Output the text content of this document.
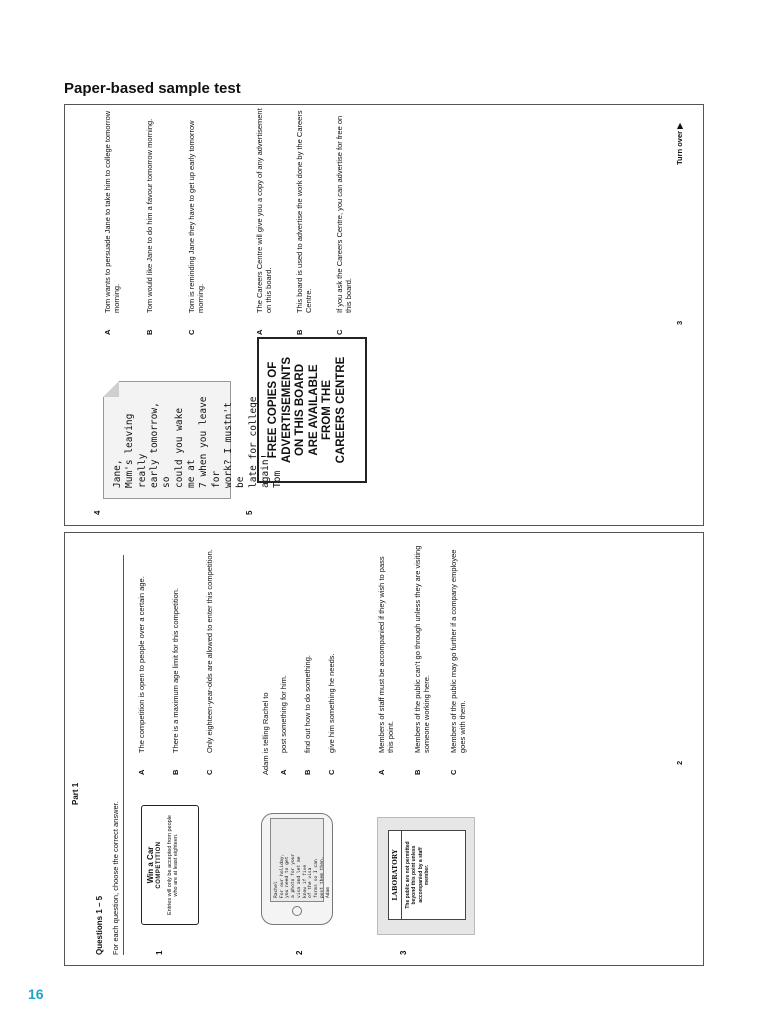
Paper-based sample test
4
Jane,
Mum's leaving really
early tomorrow, so
could you wake me at
7 when you leave for
work? I mustn't be
late for college again!
Tom
A
Tom wants to persuade Jane to take him to college tomorrow morning.
B
Tom would like Jane to do him a favour tomorrow morning.
C
Tom is reminding Jane they have to get up early tomorrow morning.
5
FREE COPIES OF
ADVERTISEMENTS
ON THIS BOARD
ARE AVAILABLE
FROM THE
CAREERS CENTRE
A
The Careers Centre will give you a copy of any advertisement on this board.
B
This board is used to advertise the work done by the Careers Centre.
C
If you ask the Careers Centre, you can advertise for free on this board.
3
Turn over ▶
Part 1
Questions 1 – 5 For each question, choose the correct answer.	1
Win a Car COMPETITION Entries will only be accepted from people who are at least eighteen.
A
The competition is open to people over a certain age.
B
There is a maximum age limit for this competition.
C
Only eighteen-year-olds are allowed to enter this competition.
2
Rachel
For our holiday,
you need to get
a photo for your
visa and let me
know if five
of the visa
forms so I can
post them then.
Adam
Adam is telling Rachel to A
post something for him.
B
find out how to do something.
C
give him something he needs.
3
LABORATORY	The public are not permitted beyond this point unless accompanied by a staff member.
A
Members of staff must be accompanied if they wish to pass this point.
B
Members of the public can't go through unless they are visiting someone working here.
C
Members of the public may go further if a company employee goes with them.
2
16
